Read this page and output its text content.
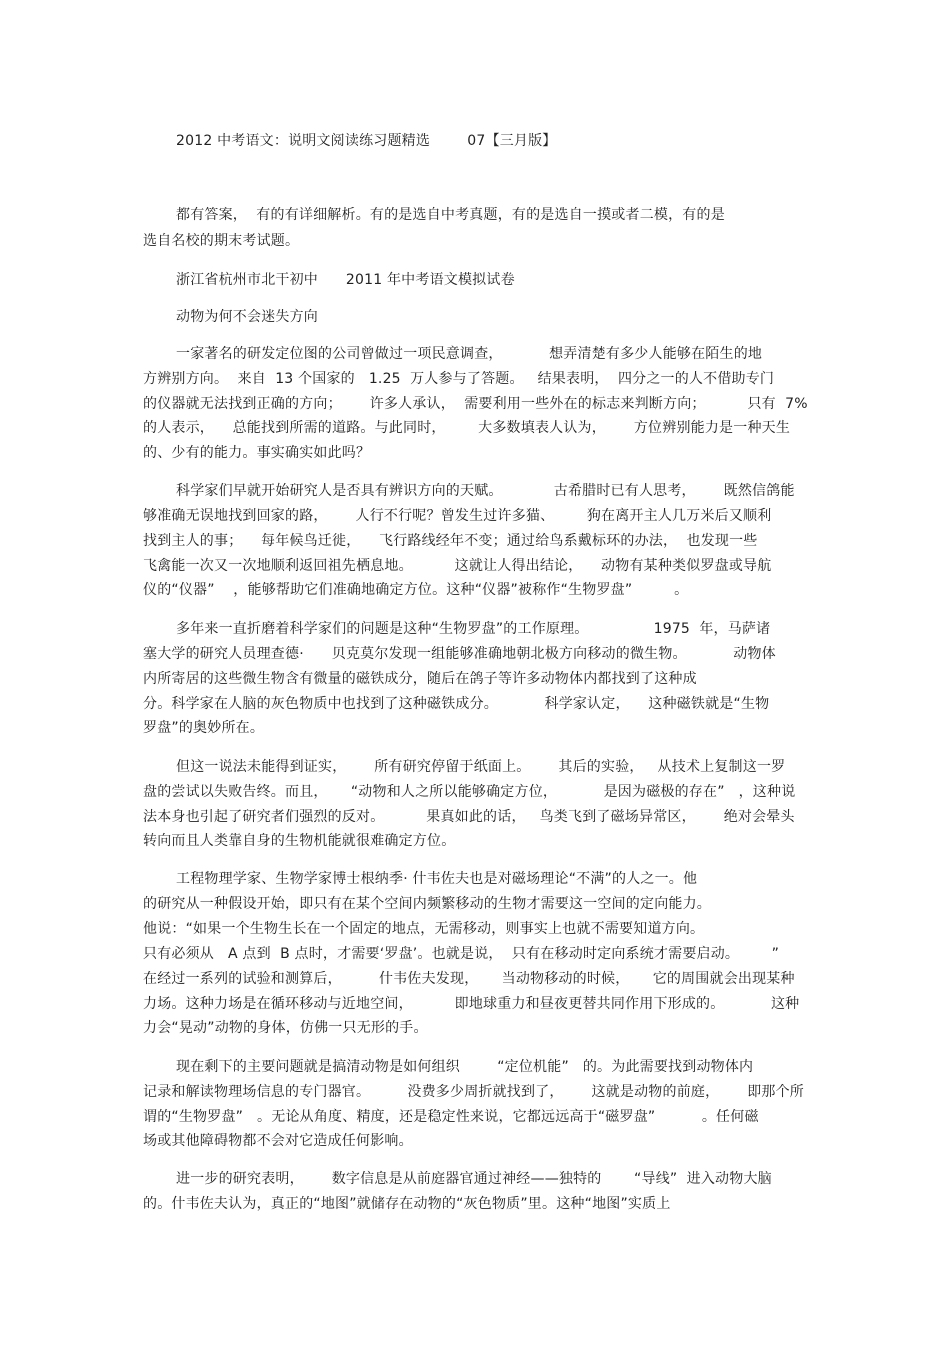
2012 中考语文：说明文阅读练习题精选        07【三月版】
都有答案，  有的有详细解析。有的是选自中考真题，有的是选自一摸或者二模，有的是
选自名校的期末考试题。
浙江省杭州市北干初中      2011 年中考语文模拟试卷
动物为何不会迷失方向
一家著名的研发定位图的公司曾做过一项民意调查，          想弄清楚有多少人能够在陌生的地
方辨别方向。  来自  13 个国家的   1.25  万人参与了答题。   结果表明，  四分之一的人不借助专门
的仪器就无法找到正确的方向；      许多人承认，  需要利用一些外在的标志来判断方向；         只有  7%
的人表示，    总能找到所需的道路。与此同时，       大多数填表人认为，      方位辨别能力是一种天生
的、少有的能力。事实确实如此吗？
科学家们早就开始研究人是否具有辨识方向的天赋。           古希腊时已有人思考，      既然信鸽能
够准确无误地找到回家的路，      人行不行呢？曾发生过许多猫、       狗在离开主人几万米后又顺利
找到主人的事；    每年候鸟迁徙，    飞行路线经年不变；通过给鸟系戴标环的办法，  也发现一些
飞禽能一次又一次地顺利返回祖先栖息地。         这就让人得出结论，    动物有某种类似罗盘或导航
仪的“仪器”    ，能够帮助它们准确地确定方位。这种“仪器”被称作“生物罗盘”         。
多年来一直折磨着科学家们的问题是这种“生物罗盘”的工作原理。              1975  年，马萨诸
塞大学的研究人员理查德·      贝克莫尔发现一组能够准确地朝北极方向移动的微生物。          动物体
内所寄居的这些微生物含有微量的磁铁成分，随后在鸽子等许多动物体内都找到了这种成
分。科学家在人脑的灰色物质中也找到了这种磁铁成分。          科学家认定，    这种磁铁就是“生物
罗盘”的奥妙所在。
但这一说法未能得到证实，      所有研究停留于纸面上。      其后的实验，   从技术上复制这一罗
盘的尝试以失败告终。而且，     “动物和人之所以能够确定方位，          是因为磁极的存在”   ，这种说
法本身也引起了研究者们强烈的反对。         果真如此的话，   鸟类飞到了磁场异常区，      绝对会晕头
转向而且人类靠自身的生物机能就很难确定方位。
工程物理学家、生物学家博士根纳季· 什韦佐夫也是对磁场理论“不满”的人之一。他
的研究从一种假设开始，即只有在某个空间内频繁移动的生物才需要这一空间的定向能力。
他说：“如果一个生物生长在一个固定的地点，无需移动，则事实上也就不需要知道方向。
只有必须从   A 点到  B 点时，才需要‘罗盘’。也就是说，  只有在移动时定向系统才需要启动。       ”
在经过一系列的试验和测算后，        什韦佐夫发现，     当动物移动的时候，     它的周围就会出现某种
力场。这种力场是在循环移动与近地空间，         即地球重力和昼夜更替共同作用下形成的。          这种
力会“晃动”动物的身体，仿佛一只无形的手。
现在剩下的主要问题就是搞清动物是如何组织        “定位机能”   的。为此需要找到动物体内
记录和解读物理场信息的专门器官。        没费多少周折就找到了，      这就是动物的前庭，      即那个所
谓的“生物罗盘”   。无论从角度、精度，还是稳定性来说，它都远远高于“磁罗盘”          。任何磁
场或其他障碍物都不会对它造成任何影响。
进一步的研究表明，      数字信息是从前庭器官通过神经——独特的       “导线”  进入动物大脑
的。什韦佐夫认为，真正的“地图”就储存在动物的“灰色物质”里。这种“地图”实质上
